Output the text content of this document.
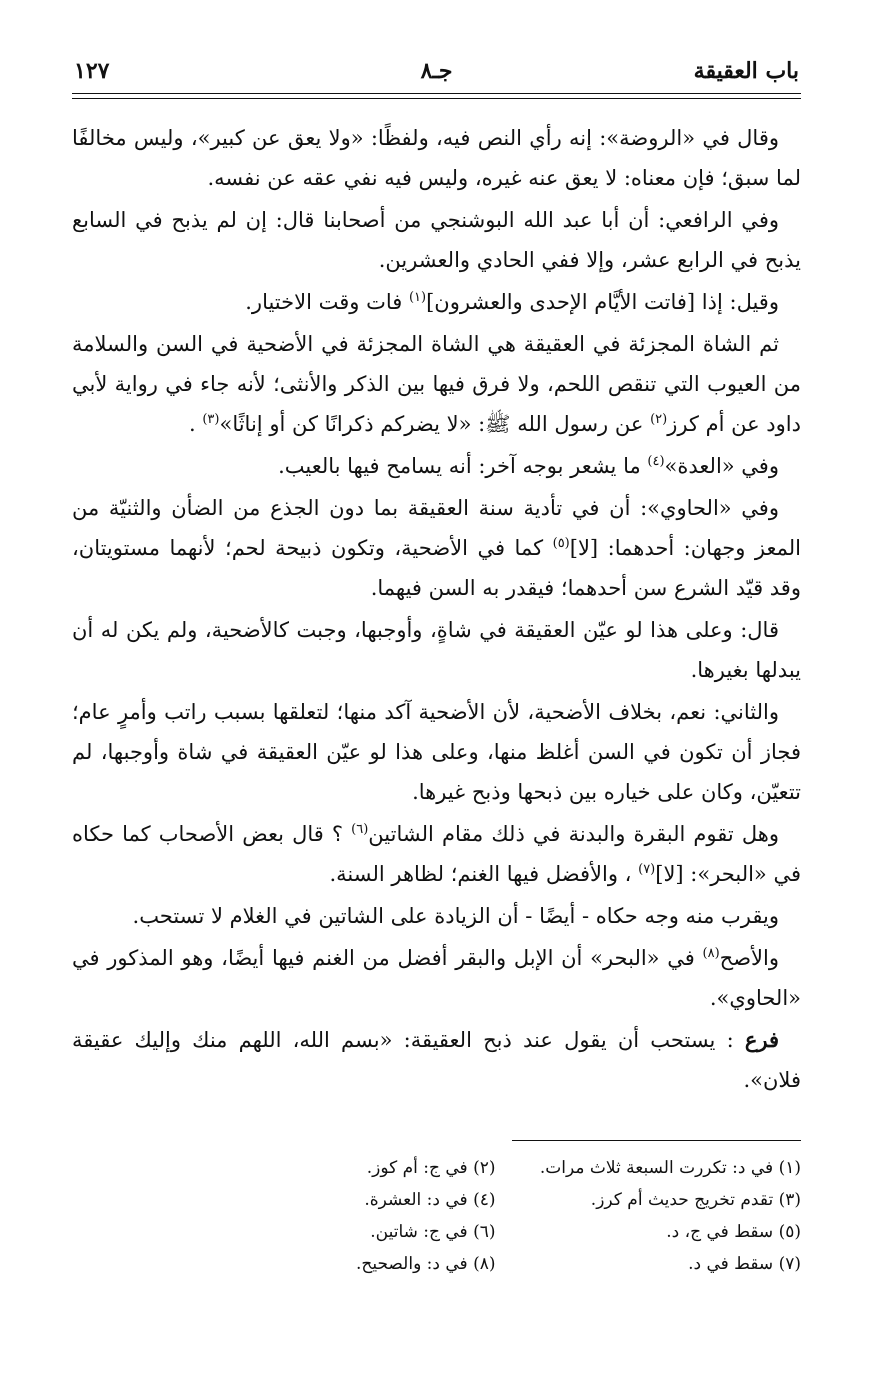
باب العقيقة
جـ٨
١٢٧

وقال في «الروضة»: إنه رأي النص فيه، ولفظًا: «ولا يعق عن كبير»، وليس مخالفًا لما سبق؛ فإن معناه: لا يعق عنه غيره، وليس فيه نفي عقه عن نفسه.

وفي الرافعي: أن أبا عبد الله البوشنجي من أصحابنا قال: إن لم يذبح في السابع يذبح في الرابع عشر، وإلا ففي الحادي والعشرين.

وقيل: إذا [فاتت الأيَّام الإحدى والعشرون]$^{(١)}$ فات وقت الاختيار.

ثم الشاة المجزئة في العقيقة هي الشاة المجزئة في الأضحية في السن والسلامة من العيوب التي تنقص اللحم، ولا فرق فيها بين الذكر والأنثى؛ لأنه جاء في رواية لأبي داود عن أم كرز$^{(٢)}$ عن رسول الله ﷺ: «لا يضركم ذكرانًا كن أو إناثًا»$^{(٣)}$ .

وفي «العدة»$^{(٤)}$ ما يشعر بوجه آخر: أنه يسامح فيها بالعيب.

وفي «الحاوي»: أن في تأدية سنة العقيقة بما دون الجذع من الضأن والثنيّة من المعز وجهان: أحدهما: [لا]$^{(٥)}$ كما في الأضحية، وتكون ذبيحة لحم؛ لأنهما مستويتان، وقد قيّد الشرع سن أحدهما؛ فيقدر به السن فيهما.

قال: وعلى هذا لو عيّن العقيقة في شاةٍ، وأوجبها، وجبت كالأضحية، ولم يكن له أن يبدلها بغيرها.

والثاني: نعم، بخلاف الأضحية، لأن الأضحية آكد منها؛ لتعلقها بسبب راتب وأمرٍ عام؛ فجاز أن تكون في السن أغلظ منها، وعلى هذا لو عيّن العقيقة في شاة وأوجبها، لم تتعيّن، وكان على خياره بين ذبحها وذبح غيرها.

وهل تقوم البقرة والبدنة في ذلك مقام الشاتين$^{(٦)}$ ؟ قال بعض الأصحاب كما حكاه في «البحر»: [لا]$^{(٧)}$ ، والأفضل فيها الغنم؛ لظاهر السنة.

ويقرب منه وجه حكاه - أيضًا - أن الزيادة على الشاتين في الغلام لا تستحب.

والأصح$^{(٨)}$ في «البحر» أن الإبل والبقر أفضل من الغنم فيها أيضًا، وهو المذكور في «الحاوي».

فرع : يستحب أن يقول عند ذبح العقيقة: «بسم الله، اللهم منك وإليك عقيقة فلان».

(١) في د: تكررت السبعة ثلاث مرات.
(٢) في ج: أم كوز.
(٣) تقدم تخريج حديث أم كرز.
(٤) في د: العشرة.
(٥) سقط في ج، د.
(٦) في ج: شاتين.
(٧) سقط في د.
(٨) في د: والصحيح.
